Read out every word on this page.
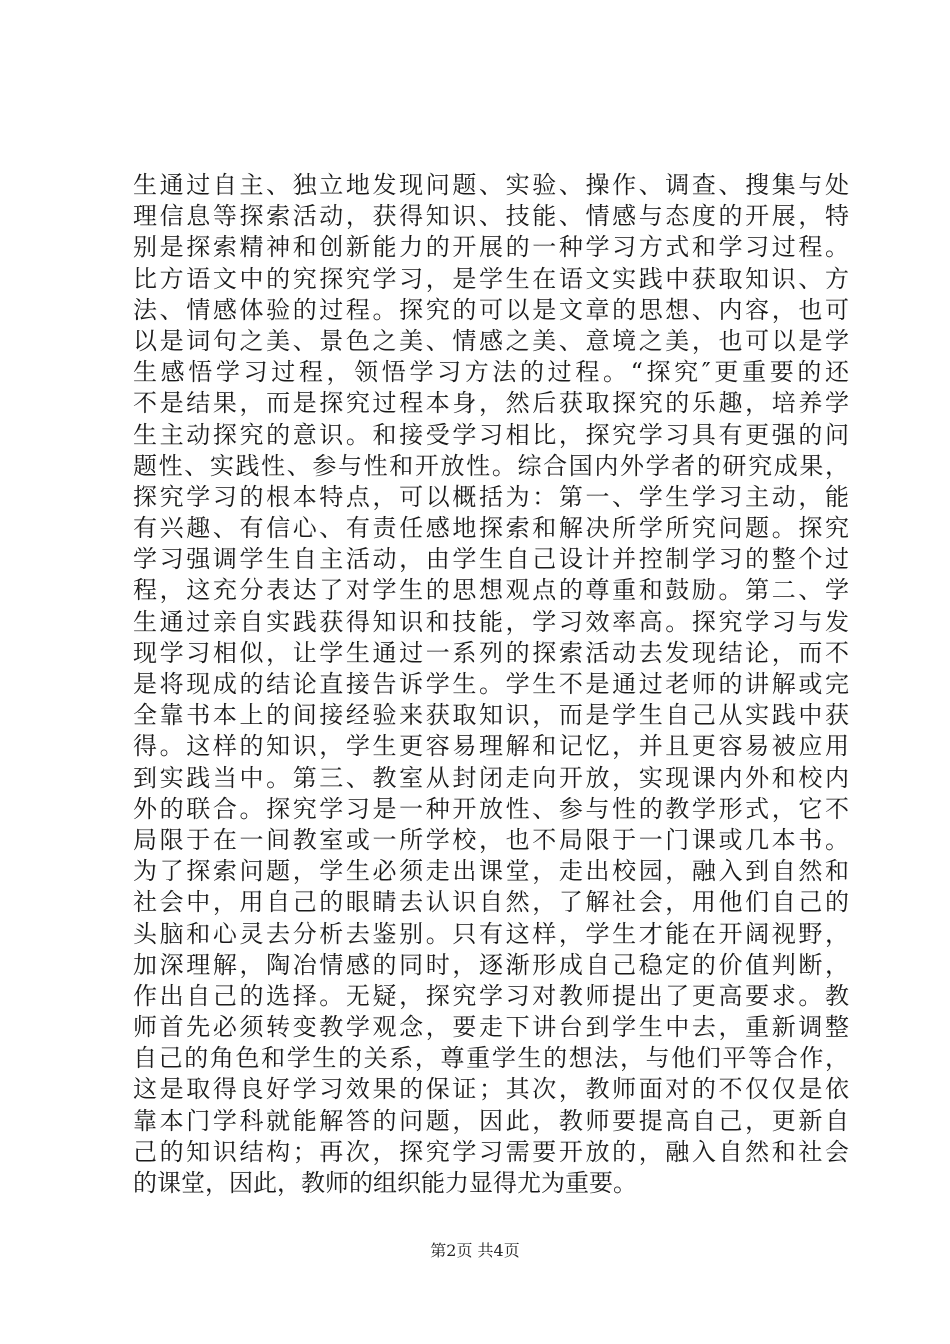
生通过自主、独立地发现问题、实验、操作、调查、搜集与处
理信息等探索活动，获得知识、技能、情感与态度的开展，特
别是探索精神和创新能力的开展的一种学习方式和学习过程。
比方语文中的究探究学习，是学生在语文实践中获取知识、方
法、情感体验的过程。探究的可以是文章的思想、内容，也可
以是词句之美、景色之美、情感之美、意境之美，也可以是学
生感悟学习过程，领悟学习方法的过程。“探究″更重要的还
不是结果，而是探究过程本身，然后获取探究的乐趣，培养学
生主动探究的意识。和接受学习相比，探究学习具有更强的问
题性、实践性、参与性和开放性。综合国内外学者的研究成果，
探究学习的根本特点，可以概括为：第一、学生学习主动，能
有兴趣、有信心、有责任感地探索和解决所学所究问题。探究
学习强调学生自主活动，由学生自己设计并控制学习的整个过
程，这充分表达了对学生的思想观点的尊重和鼓励。第二、学
生通过亲自实践获得知识和技能，学习效率高。探究学习与发
现学习相似，让学生通过一系列的探索活动去发现结论，而不
是将现成的结论直接告诉学生。学生不是通过老师的讲解或完
全靠书本上的间接经验来获取知识，而是学生自己从实践中获
得。这样的知识，学生更容易理解和记忆，并且更容易被应用
到实践当中。第三、教室从封闭走向开放，实现课内外和校内
外的联合。探究学习是一种开放性、参与性的教学形式，它不
局限于在一间教室或一所学校，也不局限于一门课或几本书。
为了探索问题，学生必须走出课堂，走出校园，融入到自然和
社会中，用自己的眼睛去认识自然，了解社会，用他们自己的
头脑和心灵去分析去鉴别。只有这样，学生才能在开阔视野，
加深理解，陶冶情感的同时，逐渐形成自己稳定的价值判断，
作出自己的选择。无疑，探究学习对教师提出了更高要求。教
师首先必须转变教学观念，要走下讲台到学生中去，重新调整
自己的角色和学生的关系，尊重学生的想法，与他们平等合作，
这是取得良好学习效果的保证；其次，教师面对的不仅仅是依
靠本门学科就能解答的问题，因此，教师要提高自己，更新自
己的知识结构；再次，探究学习需要开放的，融入自然和社会
的课堂，因此，教师的组织能力显得尤为重要。
第2页 共4页
